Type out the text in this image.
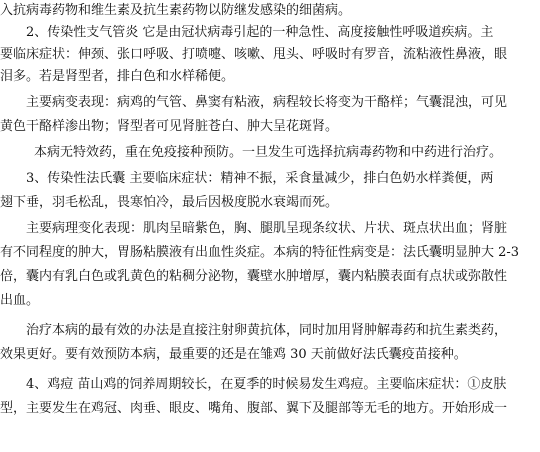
入抗病毒药物和维生素及抗生素药物以防继发感染的细菌病。
2、传染性支气管炎 它是由冠状病毒引起的一种急性、高度接触性呼吸道疾病。主
要临床症状：伸颈、张口呼吸、打喷嚏、咳嗽、甩头、呼吸时有罗音，流粘液性鼻液，眼
泪多。若是肾型者，排白色和水样稀便。
主要病变表现：病鸡的气管、鼻窦有粘液，病程较长将变为干酪样；气囊混浊，可见
黄色干酪样渗出物；肾型者可见肾脏苍白、肿大呈花斑肾。
本病无特效药，重在免疫接种预防。一旦发生可选择抗病毒药物和中药进行治疗。
3、传染性法氏囊 主要临床症状：精神不振，采食量减少，排白色奶水样粪便，两
翅下垂，羽毛松乱，畏寒怕冷，最后因极度脱水衰竭而死。
主要病理变化表现：肌肉呈暗紫色，胸、腿肌呈现条纹状、片状、斑点状出血；肾脏
有不同程度的肿大，胃肠粘膜液有出血性炎症。本病的特征性病变是：法氏囊明显肿大 2-3
倍，囊内有乳白色或乳黄色的粘稠分泌物，囊壁水肿增厚，囊内粘膜表面有点状或弥散性
出血。
治疗本病的最有效的办法是直接注射卵黄抗体，同时加用肾肿解毒药和抗生素类药，
效果更好。要有效预防本病，最重要的还是在雏鸡 30 天前做好法氏囊疫苗接种。
4、鸡痘 苗山鸡的饲养周期较长，在夏季的时候易发生鸡痘。主要临床症状：①皮肤
型，主要发生在鸡冠、肉垂、眼皮、嘴角、腹部、翼下及腿部等无毛的地方。开始形成一
